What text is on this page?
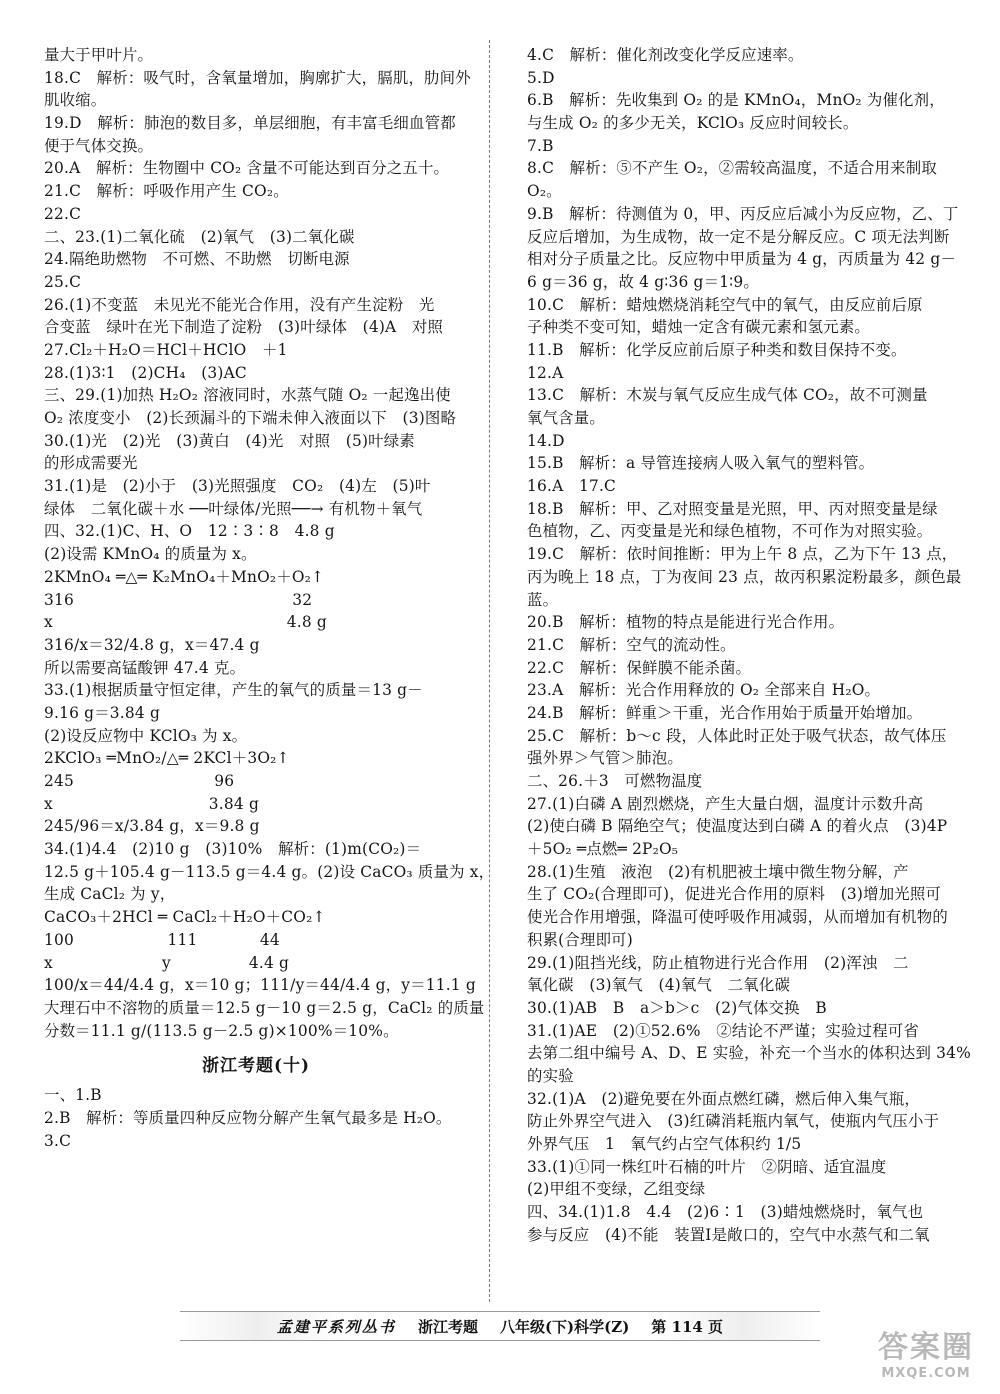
量大于甲叶片。
18.C　解析：吸气时，含氧量增加，胸廓扩大，膈肌，肋间外
肌收缩。
19.D　解析：肺泡的数目多，单层细胞，有丰富毛细血管都
便于气体交换。
20.A　解析：生物圈中 CO₂ 含量不可能达到百分之五十。
21.C　解析：呼吸作用产生 CO₂。
22.C
二、23.(1)二氧化硫　(2)氧气　(3)二氧化碳
24.隔绝助燃物　不可燃、不助燃　切断电源
25.C
26.(1)不变蓝　未见光不能光合作用，没有产生淀粉　光
合变蓝　绿叶在光下制造了淀粉　(3)叶绿体　(4)A　对照
27.Cl₂＋H₂O＝HCl＋HClO　＋1
28.(1)3∶1　(2)CH₄　(3)AC
三、29.(1)加热 H₂O₂ 溶液同时，水蒸气随 O₂ 一起逸出使
O₂ 浓度变小　(2)长颈漏斗的下端未伸入液面以下　(3)图略
30.(1)光　(2)光　(3)黄白　(4)光　对照　(5)叶绿素
的形成需要光
31.(1)是　(2)小于　(3)光照强度　CO₂　(4)左　(5)叶
绿体　二氧化碳＋水 ──叶绿体/光照──→ 有机物＋氧气
四、32.(1)C、H、O　12∶3∶8　4.8 g
(2)设需 KMnO₄ 的质量为 x。
2KMnO₄ ═△═ K₂MnO₄＋MnO₂＋O₂↑
316　　　　　　　　　　　　　　32
x　　　　　　　　　　　　　　　4.8 g
316/x＝32/4.8 g，x＝47.4 g
所以需要高锰酸钾 47.4 克。
33.(1)根据质量守恒定律，产生的氧气的质量＝13 g－
9.16 g＝3.84 g
(2)设反应物中 KClO₃ 为 x。
2KClO₃ ═MnO₂/△═ 2KCl＋3O₂↑
245　　　　　　　　　96
x　　　　　　　　　　3.84 g
245/96＝x/3.84 g，x＝9.8 g
34.(1)4.4　(2)10 g　(3)10%　解析：(1)m(CO₂)＝
12.5 g＋105.4 g－113.5 g＝4.4 g。(2)设 CaCO₃ 质量为 x，
生成 CaCl₂ 为 y，
CaCO₃＋2HCl ═ CaCl₂＋H₂O＋CO₂↑
100　　　　　　111　　　　44
x　　　　　　　y　　　　　4.4 g
100/x＝44/4.4 g，x＝10 g；111/y＝44/4.4 g，y＝11.1 g
大理石中不溶物的质量＝12.5 g－10 g＝2.5 g，CaCl₂ 的质量
分数＝11.1 g/(113.5 g－2.5 g)×100%＝10%。
浙江考题(十)
一、1.B
2.B　解析：等质量四种反应物分解产生氧气最多是 H₂O。
3.C
4.C　解析：催化剂改变化学反应速率。
5.D
6.B　解析：先收集到 O₂ 的是 KMnO₄，MnO₂ 为催化剂，
与生成 O₂ 的多少无关，KClO₃ 反应时间较长。
7.B
8.C　解析：⑤不产生 O₂，②需较高温度，不适合用来制取
O₂。
9.B　解析：待测值为 0，甲、丙反应后减小为反应物，乙、丁
反应后增加，为生成物，故一定不是分解反应。C 项无法判断
相对分子质量之比。反应物中甲质量为 4 g，丙质量为 42 g－
6 g＝36 g，故 4 g∶36 g＝1∶9。
10.C　解析：蜡烛燃烧消耗空气中的氧气，由反应前后原
子种类不变可知，蜡烛一定含有碳元素和氢元素。
11.B　解析：化学反应前后原子种类和数目保持不变。
12.A
13.C　解析：木炭与氧气反应生成气体 CO₂，故不可测量
氧气含量。
14.D
15.B　解析：a 导管连接病人吸入氧气的塑料管。
16.A　17.C
18.B　解析：甲、乙对照变量是光照，甲、丙对照变量是绿
色植物，乙、丙变量是光和绿色植物，不可作为对照实验。
19.C　解析：依时间推断：甲为上午 8 点，乙为下午 13 点，
丙为晚上 18 点，丁为夜间 23 点，故丙积累淀粉最多，颜色最
蓝。
20.B　解析：植物的特点是能进行光合作用。
21.C　解析：空气的流动性。
22.C　解析：保鲜膜不能杀菌。
23.A　解析：光合作用释放的 O₂ 全部来自 H₂O。
24.B　解析：鲜重＞干重，光合作用始于质量开始增加。
25.C　解析：b～c 段，人体此时正处于吸气状态，故气体压
强外界＞气管＞肺泡。
二、26.＋3　可燃物温度
27.(1)白磷 A 剧烈燃烧，产生大量白烟，温度计示数升高
(2)使白磷 B 隔绝空气；使温度达到白磷 A 的着火点　(3)4P
＋5O₂ ═点燃═ 2P₂O₅
28.(1)生殖　液泡　(2)有机肥被土壤中微生物分解，产
生了 CO₂(合理即可)，促进光合作用的原料　(3)增加光照可
使光合作用增强，降温可使呼吸作用减弱，从而增加有机物的
积累(合理即可)
29.(1)阻挡光线，防止植物进行光合作用　(2)浑浊　二
氧化碳　(3)氧气　(4)氧气　二氧化碳
30.(1)AB　B　a＞b＞c　(2)气体交换　B
31.(1)AE　(2)①52.6%　②结论不严谨；实验过程可省
去第二组中编号 A、D、E 实验，补充一个当水的体积达到 34%
的实验
32.(1)A　(2)避免要在外面点燃红磷，燃后伸入集气瓶，
防止外界空气进入　(3)红磷消耗瓶内氧气，使瓶内气压小于
外界气压　1　氧气约占空气体积约 1/5
33.(1)①同一株红叶石楠的叶片　②阴暗、适宜温度
(2)甲组不变绿，乙组变绿
四、34.(1)1.8　4.4　(2)6∶1　(3)蜡烛燃烧时，氧气也
参与反应　(4)不能　装置Ⅰ是敞口的，空气中水蒸气和二氧
孟建平系列丛书 浙江考题 八年级(下)科学(Z) 第 114 页
答案圈
MXQE.COM
